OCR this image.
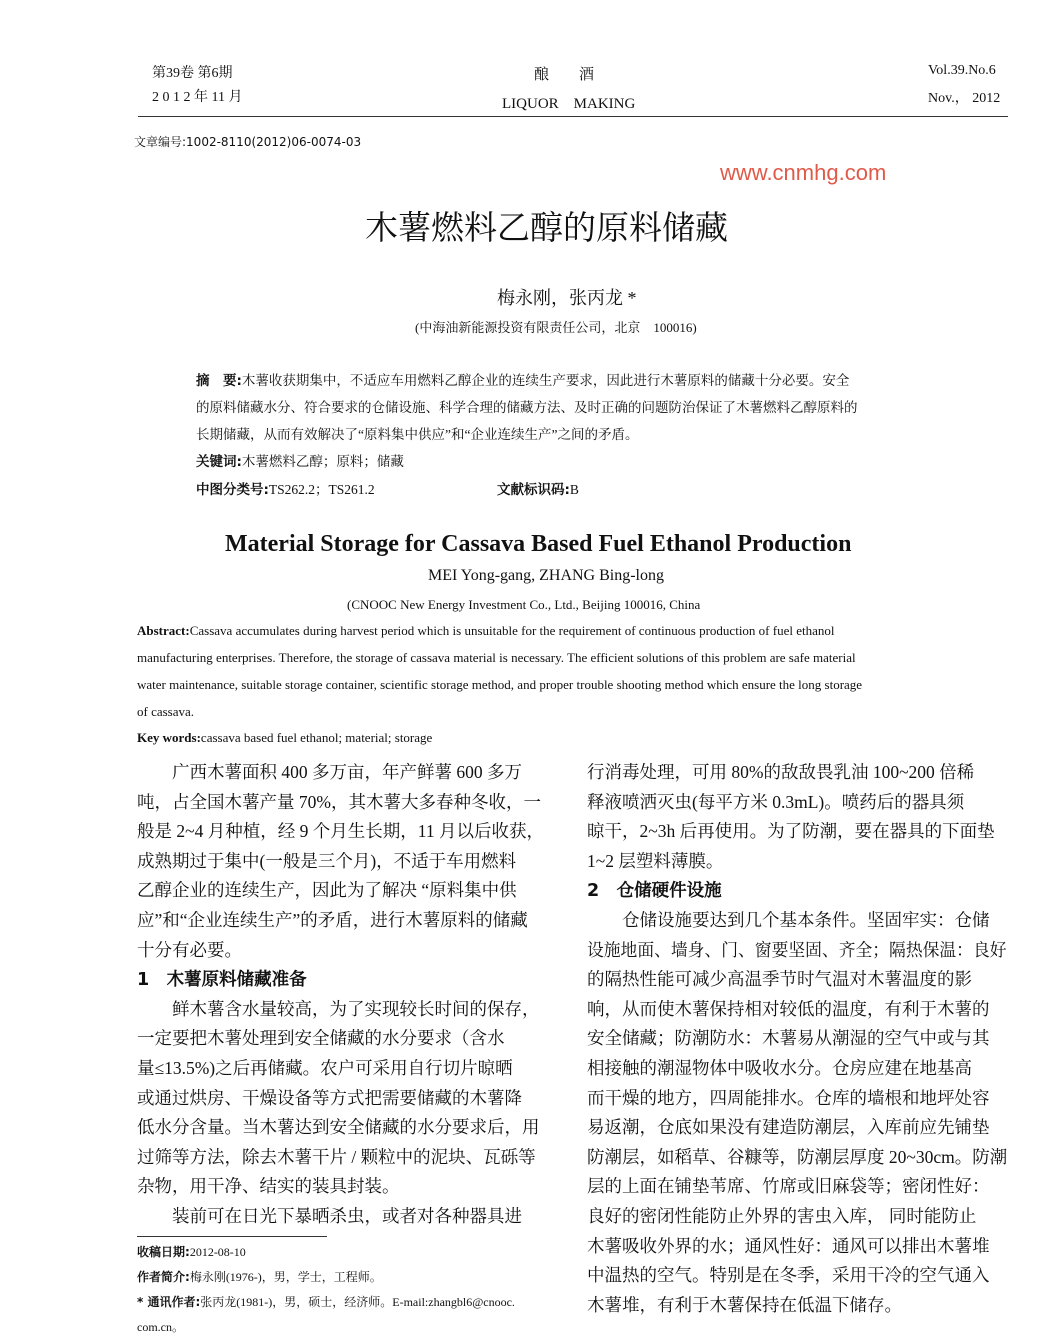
第39卷 第6期
2 0 1 2 年 11 月
酿　　酒
LIQUOR　MAKING
Vol.39.No.6
Nov.， 2012
文章编号:1002-8110(2012)06-0074-03
www.cnmhg.com
木薯燃料乙醇的原料储藏
梅永刚，张丙龙 *
(中海油新能源投资有限责任公司，北京　100016)
摘　要:木薯收获期集中，不适应车用燃料乙醇企业的连续生产要求，因此进行木薯原料的储藏十分必要。安全
的原料储藏水分、符合要求的仓储设施、科学合理的储藏方法、及时正确的问题防治保证了木薯燃料乙醇原料的
长期储藏，从而有效解决了“原料集中供应”和“企业连续生产”之间的矛盾。
关键词:木薯燃料乙醇；原料；储藏
中图分类号:TS262.2；TS261.2	文献标识码:B
Material Storage for Cassava Based Fuel Ethanol Production
MEI Yong-gang, ZHANG Bing-long
(CNOOC New Energy Investment Co., Ltd., Beijing 100016, China
Abstract:Cassava accumulates during harvest period which is unsuitable for the requirement of continuous production of fuel ethanol
manufacturing enterprises. Therefore, the storage of cassava material is necessary. The efficient solutions of this problem are safe material
water maintenance, suitable storage container, scientific storage method, and proper trouble shooting method which ensure the long storage
of cassava.
Key words:cassava based fuel ethanol; material; storage
　　广西木薯面积 400 多万亩，年产鲜薯 600 多万
吨，占全国木薯产量 70%，其木薯大多春种冬收，一
般是 2~4 月种植，经 9 个月生长期，11 月以后收获，
成熟期过于集中(一般是三个月)，不适于车用燃料
乙醇企业的连续生产，因此为了解决 “原料集中供
应”和“企业连续生产”的矛盾，进行木薯原料的储藏
十分有必要。
1　木薯原料储藏准备
　　鲜木薯含水量较高，为了实现较长时间的保存，
一定要把木薯处理到安全储藏的水分要求（含水
量≤13.5%)之后再储藏。农户可采用自行切片晾晒
或通过烘房、干燥设备等方式把需要储藏的木薯降
低水分含量。当木薯达到安全储藏的水分要求后，用
过筛等方法，除去木薯干片 / 颗粒中的泥块、瓦砾等
杂物，用干净、结实的装具封装。
　　装前可在日光下暴晒杀虫，或者对各种器具进
行消毒处理，可用 80%的敌敌畏乳油 100~200 倍稀
释液喷洒灭虫(每平方米 0.3mL)。喷药后的器具须
晾干，2~3h 后再使用。为了防潮，要在器具的下面垫
1~2 层塑料薄膜。
2　仓储硬件设施
　　仓储设施要达到几个基本条件。坚固牢实：仓储
设施地面、墙身、门、窗要坚固、齐全；隔热保温：良好
的隔热性能可减少高温季节时气温对木薯温度的影
响，从而使木薯保持相对较低的温度，有利于木薯的
安全储藏；防潮防水：木薯易从潮湿的空气中或与其
相接触的潮湿物体中吸收水分。仓房应建在地基高
而干燥的地方，四周能排水。仓库的墙根和地坪处容
易返潮，仓底如果没有建造防潮层，入库前应先铺垫
防潮层，如稻草、谷糠等，防潮层厚度 20~30cm。防潮
层的上面在铺垫苇席、竹席或旧麻袋等；密闭性好：
良好的密闭性能防止外界的害虫入库， 同时能防止
木薯吸收外界的水；通风性好：通风可以排出木薯堆
中温热的空气。特别是在冬季，采用干冷的空气通入
木薯堆，有利于木薯保持在低温下储存。
收稿日期:2012-08-10
作者简介:梅永刚(1976-)，男，学士，工程师。
* 通讯作者:张丙龙(1981-)，男，硕士，经济师。E-mail:zhangbl6@cnooc.
com.cn。
